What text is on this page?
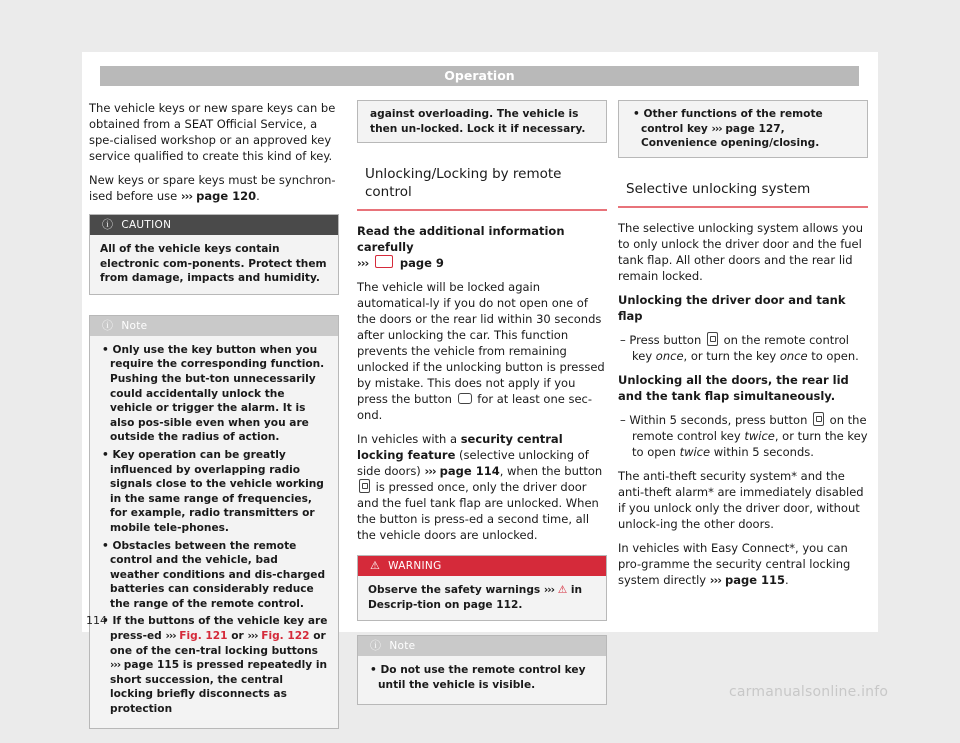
Operation

The vehicle keys or new spare keys can be obtained from a SEAT Official Service, a spe-cialised workshop or an approved key service qualified to create this kind of key.

New keys or spare keys must be synchron-ised before use ››› page 120.

ⓘ CAUTION
All of the vehicle keys contain electronic com-ponents. Protect them from damage, impacts and humidity.
ⓘ Note
• Only use the key button when you require the corresponding function. Pushing the but-ton unnecessarily could accidentally unlock the vehicle or trigger the alarm. It is also pos-sible even when you are outside the radius of action.
• Key operation can be greatly influenced by overlapping radio signals close to the vehicle working in the same range of frequencies, for example, radio transmitters or mobile tele-phones.
• Obstacles between the remote control and the vehicle, bad weather conditions and dis-charged batteries can considerably reduce the range of the remote control.
• If the buttons of the vehicle key are press-ed ››› Fig. 121 or ››› Fig. 122 or one of the cen-tral locking buttons ››› page 115 is pressed repeatedly in short succession, the central locking briefly disconnects as protection
against overloading. The vehicle is then un-locked. Lock it if necessary.
Unlocking/Locking by remote control

Read the additional information carefully
›››  page 9

The vehicle will be locked again automatical-ly if you do not open one of the doors or the rear lid within 30 seconds after unlocking the car. This function prevents the vehicle from remaining unlocked if the unlocking button is pressed by mistake. This does not apply if you press the button  for at least one sec-ond.

In vehicles with a security central locking feature (selective unlocking of side doors) ››› page 114, when the button  is pressed once, only the driver door and the fuel tank flap are unlocked. When the button is press-ed a second time, all the vehicle doors are unlocked.

⚠ WARNING
Observe the safety warnings ››› ⚠ in Descrip-tion on page 112.
ⓘ Note
• Do not use the remote control key until the vehicle is visible.
• Other functions of the remote control key ››› page 127, Convenience opening/closing.
Selective unlocking system

The selective unlocking system allows you to only unlock the driver door and the fuel tank flap. All other doors and the rear lid remain locked.

Unlocking the driver door and tank flap

– Press button  on the remote control key once, or turn the key once to open.

Unlocking all the doors, the rear lid and the tank flap simultaneously.

– Within 5 seconds, press button  on the remote control key twice, or turn the key to open twice within 5 seconds.

The anti-theft security system* and the anti-theft alarm* are immediately disabled if you unlock only the driver door, without unlock-ing the other doors.

In vehicles with Easy Connect*, you can pro-gramme the security central locking system directly ››› page 115.

114
carmanualsonline.info
